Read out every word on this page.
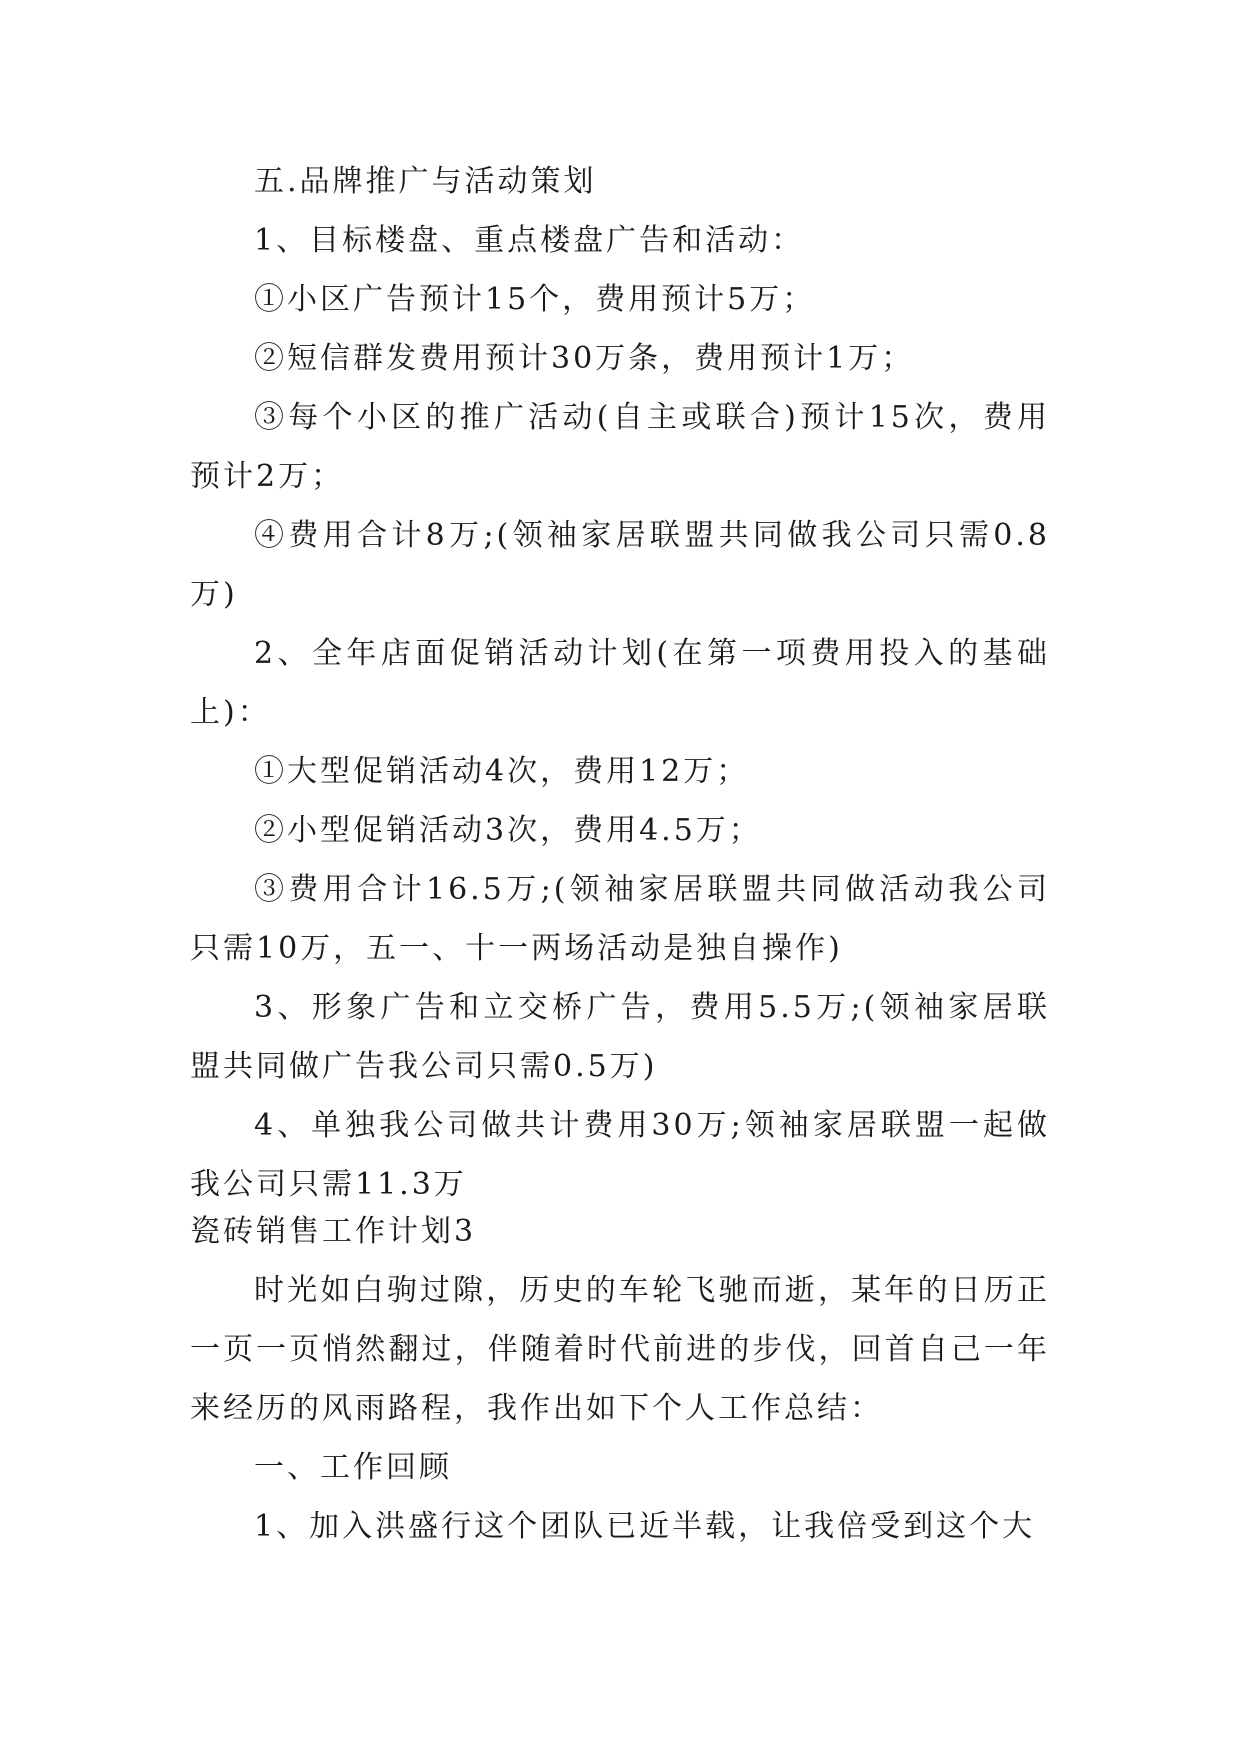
五.品牌推广与活动策划

1、目标楼盘、重点楼盘广告和活动：

①小区广告预计15个，费用预计5万；

②短信群发费用预计30万条，费用预计1万；

③每个小区的推广活动(自主或联合)预计15次，费用预计2万；

④费用合计8万;(领袖家居联盟共同做我公司只需0.8万)

2、全年店面促销活动计划(在第一项费用投入的基础上)：

①大型促销活动4次，费用12万；

②小型促销活动3次，费用4.5万；

③费用合计16.5万;(领袖家居联盟共同做活动我公司只需10万，五一、十一两场活动是独自操作)

3、形象广告和立交桥广告，费用5.5万;(领袖家居联盟共同做广告我公司只需0.5万)

4、单独我公司做共计费用30万;领袖家居联盟一起做我公司只需11.3万

瓷砖销售工作计划3

时光如白驹过隙，历史的车轮飞驰而逝，某年的日历正一页一页悄然翻过，伴随着时代前进的步伐，回首自己一年来经历的风雨路程，我作出如下个人工作总结：

一、工作回顾

1、加入洪盛行这个团队已近半载，让我倍受到这个大
